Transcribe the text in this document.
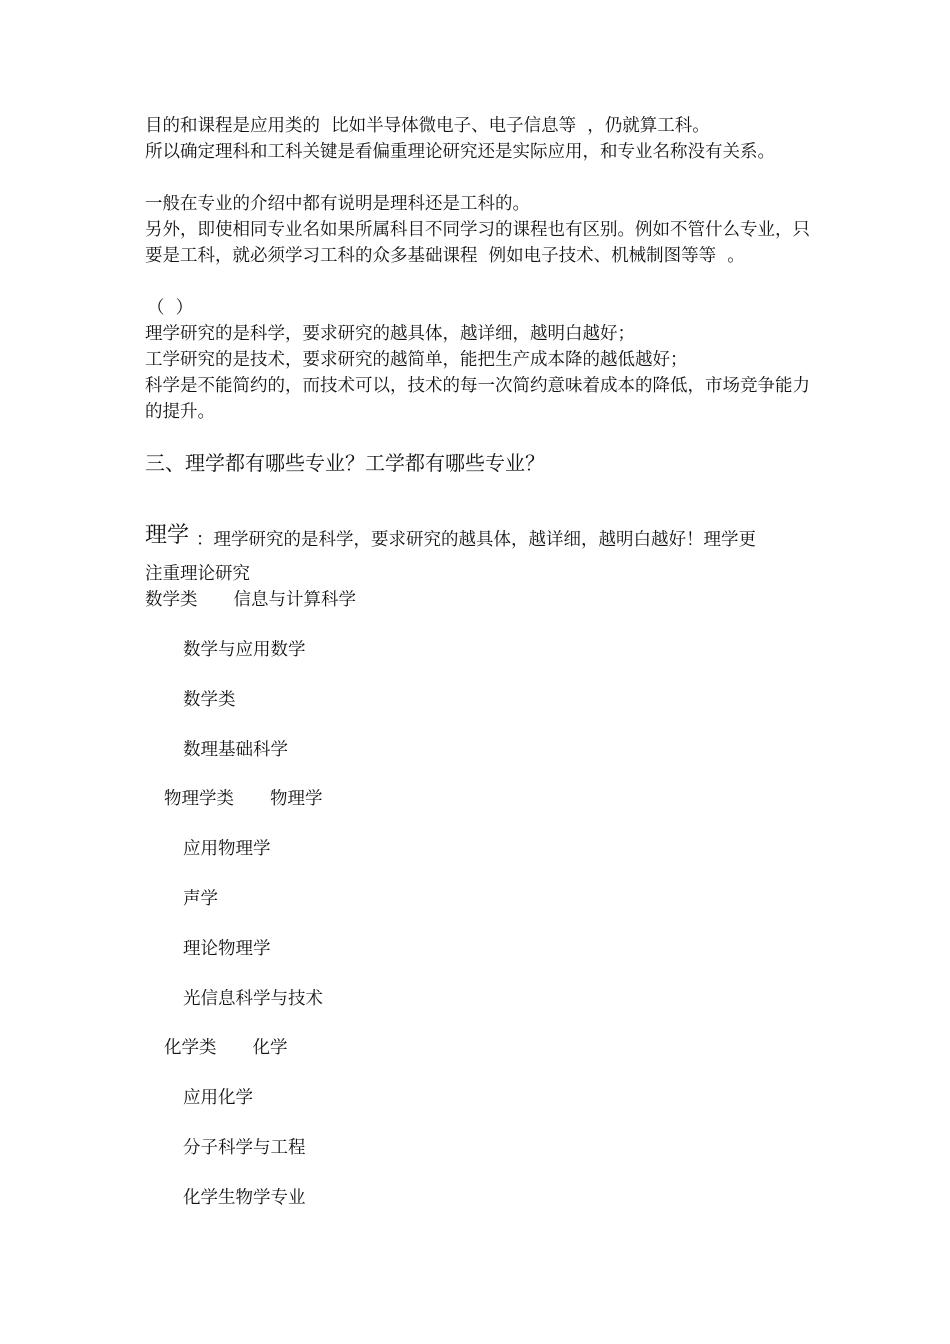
目的和课程是应用类的  比如半导体微电子、电子信息等  ，仍就算工科。

所以确定理科和工科关键是看偏重理论研究还是实际应用，和专业名称没有关系。

一般在专业的介绍中都有说明是理科还是工科的。

另外，即使相同专业名如果所属科目不同学习的课程也有区别。例如不管什么专业，只要是工科，就必须学习工科的众多基础课程  例如电子技术、机械制图等等  。

（  ）

理学研究的是科学，要求研究的越具体，越详细，越明白越好；

工学研究的是技术，要求研究的越简单，能把生产成本降的越低越好；

科学是不能简约的，而技术可以，技术的每一次简约意味着成本的降低，市场竞争能力的提升。

三、理学都有哪些专业？工学都有哪些专业？
理学 ：理学研究的是科学，要求研究的越具体，越详细，越明白越好！理学更
注重理论研究
数学类 信息与计算科学
数学与应用数学
数学类
数理基础科学
物理学类 物理学
应用物理学
声学
理论物理学
光信息科学与技术
化学类 化学
应用化学
分子科学与工程
化学生物学专业
